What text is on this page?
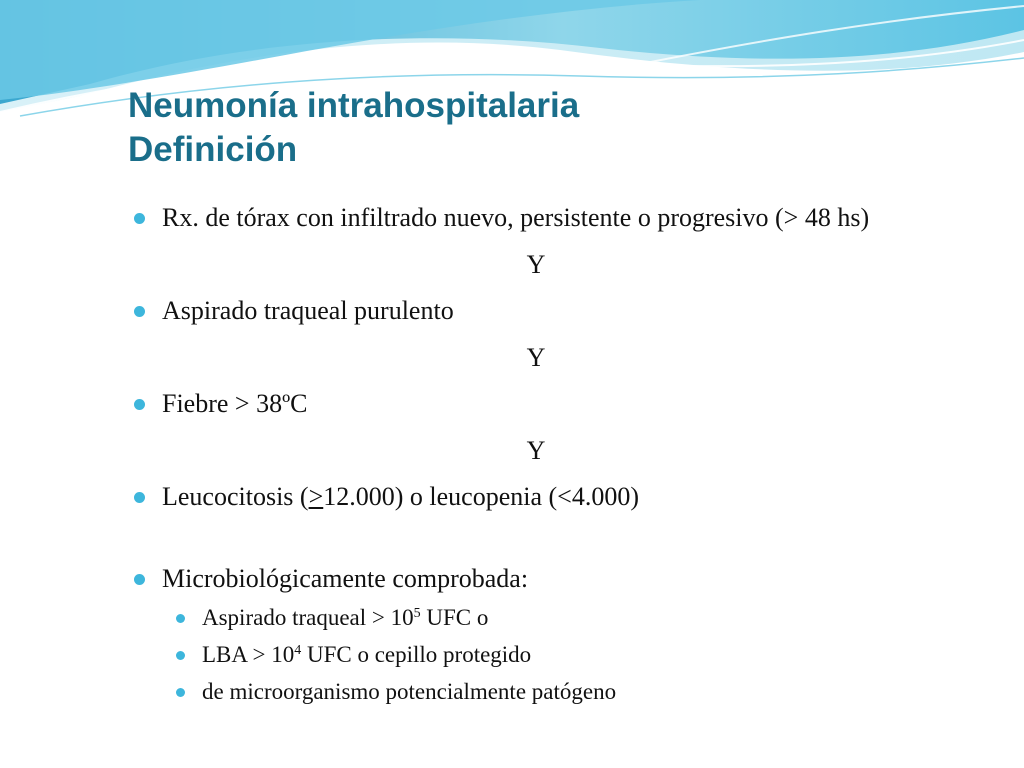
Neumonía intrahospitalaria
Definición
Rx. de tórax con infiltrado nuevo, persistente o progresivo (> 48 hs)
Y
Aspirado traqueal purulento
Y
Fiebre > 38ºC
Y
Leucocitosis (≥12.000) o leucopenia (<4.000)
Microbiológicamente comprobada:
Aspirado traqueal > $10^5$ UFC o
LBA > $10^4$ UFC o cepillo protegido
de microorganismo potencialmente patógeno
